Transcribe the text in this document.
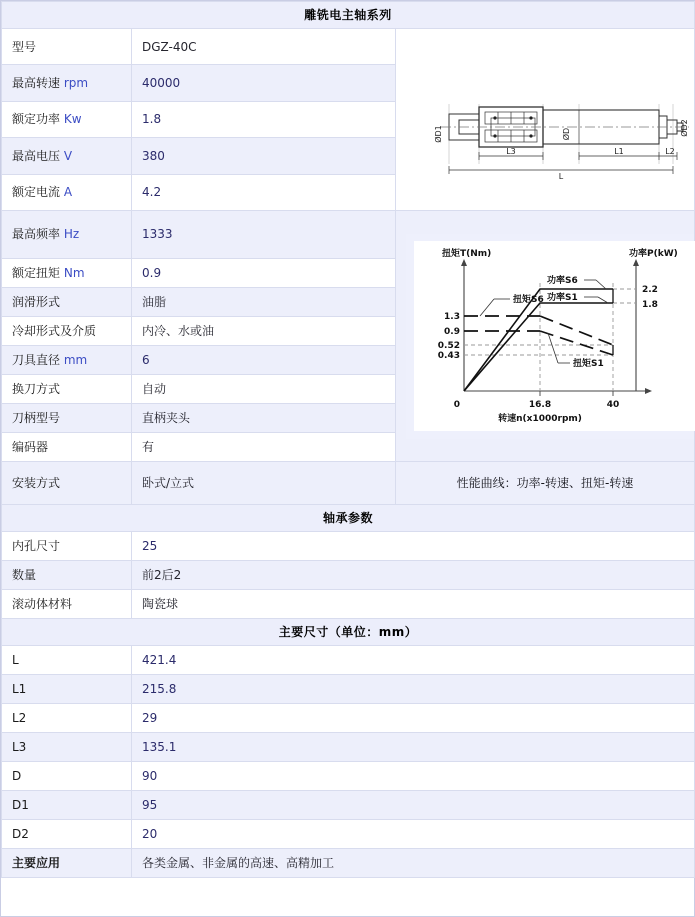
雕铣电主轴系列		
型号	DGZ-40C	
ØD1	ØD	ØD2
L3	L1	L2
L

最高转速 rpm	40000	
额定功率 Kw	1.8	
最高电压 V	380	
额定电流 A	4.2	
最高频率 Hz	1333	
扭矩T(Nm)	功率P(kW)
1.3
0.9
0.52
0.43
0
2.2
1.8
16.8	40
转速n(x1000rpm)
扭矩S6
功率S6
功率S1
扭矩S1

额定扭矩 Nm	0.9	
润滑形式	油脂	
冷却形式及介质	内冷、水或油	
刀具直径 mm	6	
换刀方式	自动	
刀柄型号	直柄夹头	
编码器	有	
安装方式	卧式/立式	性能曲线：功率-转速、扭矩-转速
轴承参数		
内孔尺寸	25	
数量	前2后2	
滚动体材料	陶瓷球	
主要尺寸（单位：mm）		
L	421.4	
L1	215.8	
L2	29	
L3	135.1	
D	90	
D1	95	
D2	20	
主要应用	各类金属、非金属的高速、高精加工	
